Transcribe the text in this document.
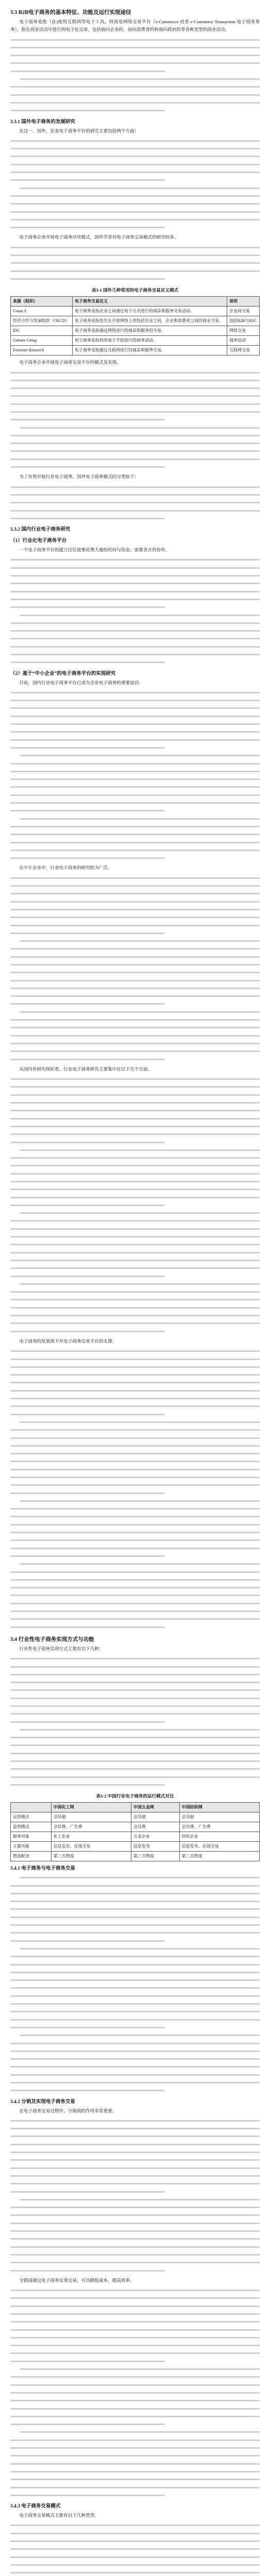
3.3 B2B电子商务的基本特征、功能及运行实现途径

电子商务是指（在)使用互联网等电子工具，特别是网络交易平台（e-Commerce 或者 e-Commerce Transaction 电子商务事务），指在商业活动中进行的电子化交易，包括面向企业的、面向消费者的和面向政府的等各种类型的商业活动。

3.3.1 国外电子商务的发展研究

在这一、国外、企业电子商务平台的研究主要包括两个方面：

电子商务企业开展电子商务应用模式，国外学者对电子商务交易模式的研究较多。

表3-1 国外几种常用的电子商务交易定义模式
来源（组织）	电子商务交易定义	说明
Coase 3	电子商务是指企业之间通过电子方式进行的商品和服务交易活动。	企业间交易
经济合作与发展组织（OECD）	电子商务是指发生在开放网络上的包括企业之间、企业和消费者之间的商业交易。	包括B2B与B2C
IDC	电子商务是指通过网络进行的商品和服务的交易。	网络交易
Gartner Group	电子商务是指利用电子手段进行的商务活动。	商务活动
Forrester Research	电子商务是指通过互联网进行的商品和服务交易。	互联网交易

电子商务企业开展电子商务交易平台的模式及实现。

为了有效开展行业电子商务，国外电子商务模式的分类如下：

3.3.2 国内行业电子商务研究
（1）行业化电子商务平台

一个电子商务平台的建立往往需要花费大量的时间与资金，需要各方的协作。

（2）基于“中小企业”的电子商务平台的实现研究

目前，国内行业电子商务平台已成为企业电子商务的重要途径。

在中小企业中，行业电子商务的研究较为广泛。

从国内外研究现状看，行业电子商务研究主要集中在以下几个方面。

电子商务的发展离不开电子商务交易平台的支撑。

3.4 行业性电子商务实现方式与功能

行业性电子商务实现方式主要有以下几种：

表3-2 中国行业电子商务的运行模式对比
	中国化工网	中国五金网	中国纺织网
运营模式	会员制	会员制	会员制
盈利模式	会员费、广告费	会员费	会员费、广告费
服务对象	化工企业	五金企业	纺织企业
主要功能	信息发布、在线交易	信息发布	信息发布、在线交易
物流配送	第三方物流	第三方物流	第三方物流
3.4.1 电子商务与电子商务交易
3.4.2 分销及实现电子商务交易

在电子商务交易过程中，分销商的作用非常重要。

分销商通过电子商务实现交易，可以降低成本，提高效率。

3.4.3 电子商务交易模式

电子商务交易模式主要有以下几种类型。
